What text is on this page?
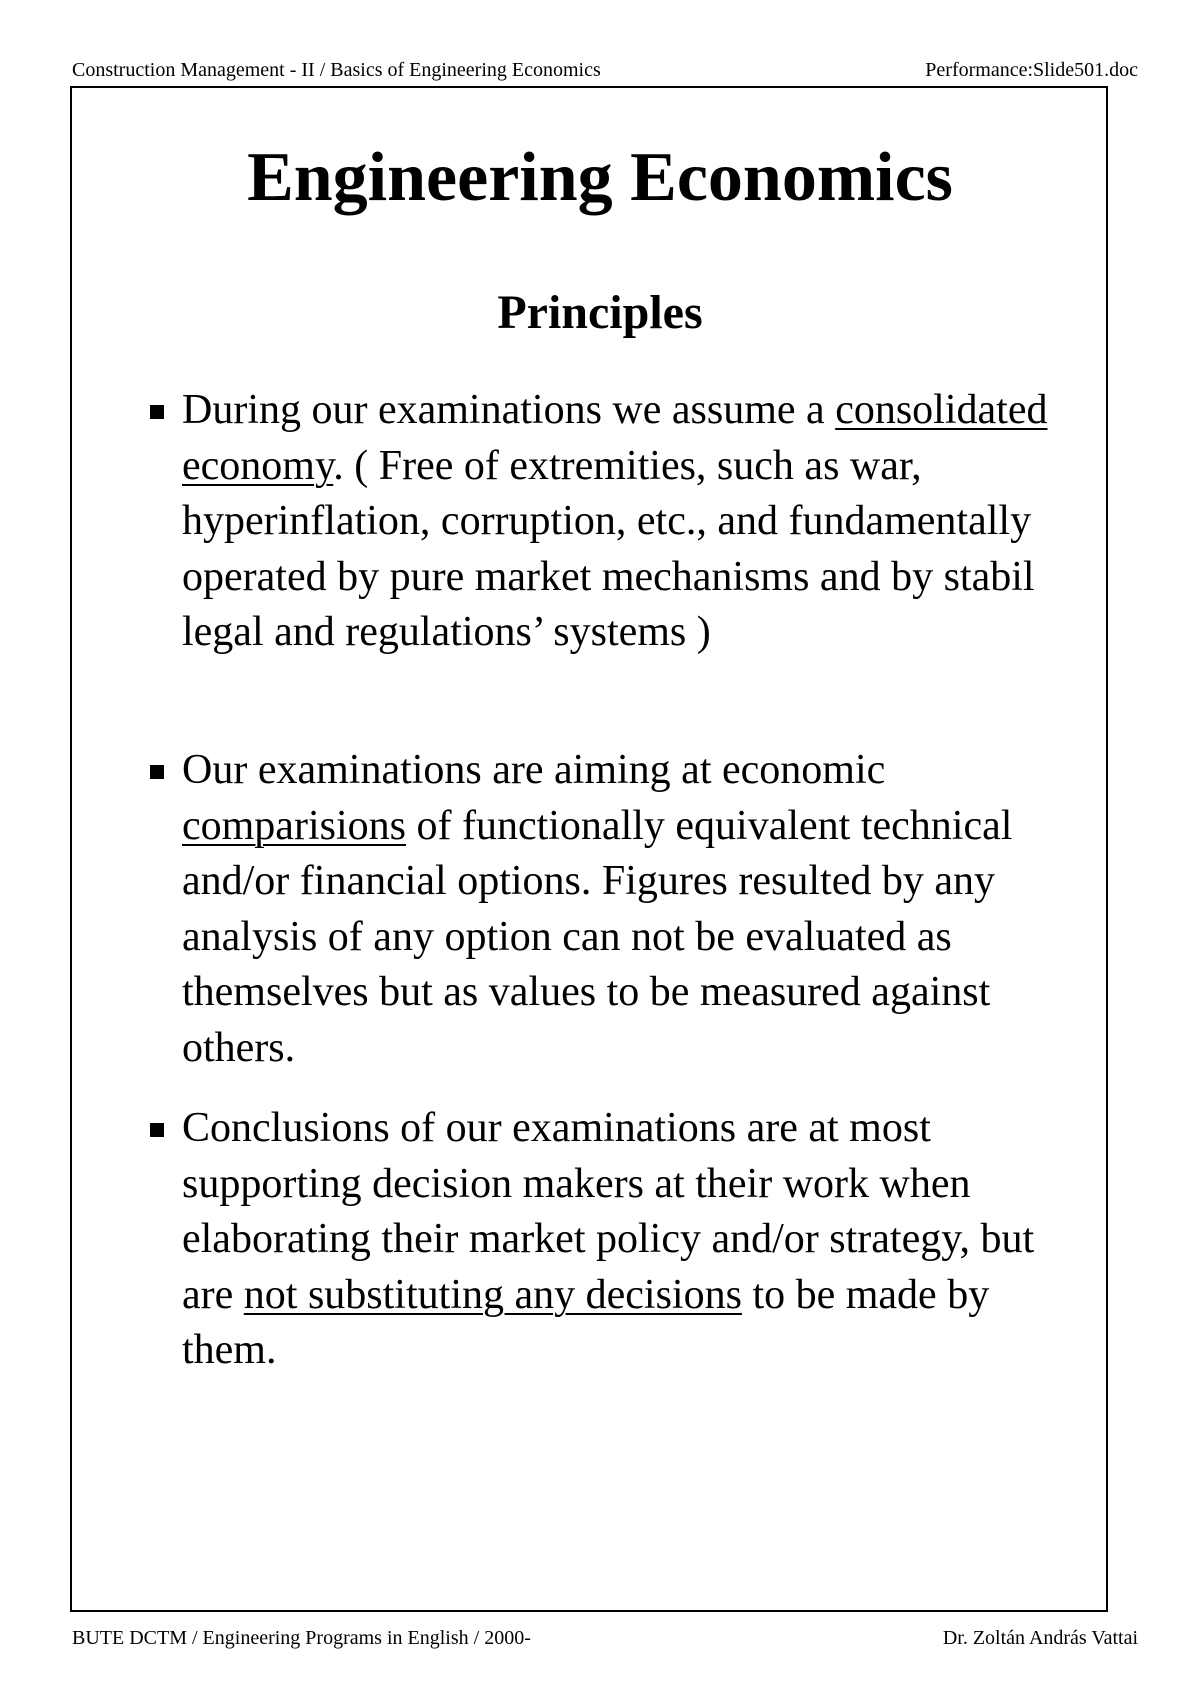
Construction Management - II / Basics of Engineering Economics	Performance:Slide501.doc
Engineering Economics
Principles
During our examinations we assume a consolidated economy. ( Free of extremities, such as war, hyperinflation, corruption, etc., and fundamentally operated by pure market mechanisms and by stabil legal and regulations’ systems )
Our examinations are aiming at economic comparisions of functionally equivalent technical and/or financial options. Figures resulted by any analysis of any option can not be evaluated as themselves but as values to be measured against others.
Conclusions of our examinations are at most supporting decision makers at their work when elaborating their market policy and/or strategy, but are not substituting any decisions to be made by them.
BUTE DCTM / Engineering Programs in English / 2000-	Dr. Zoltán András Vattai
